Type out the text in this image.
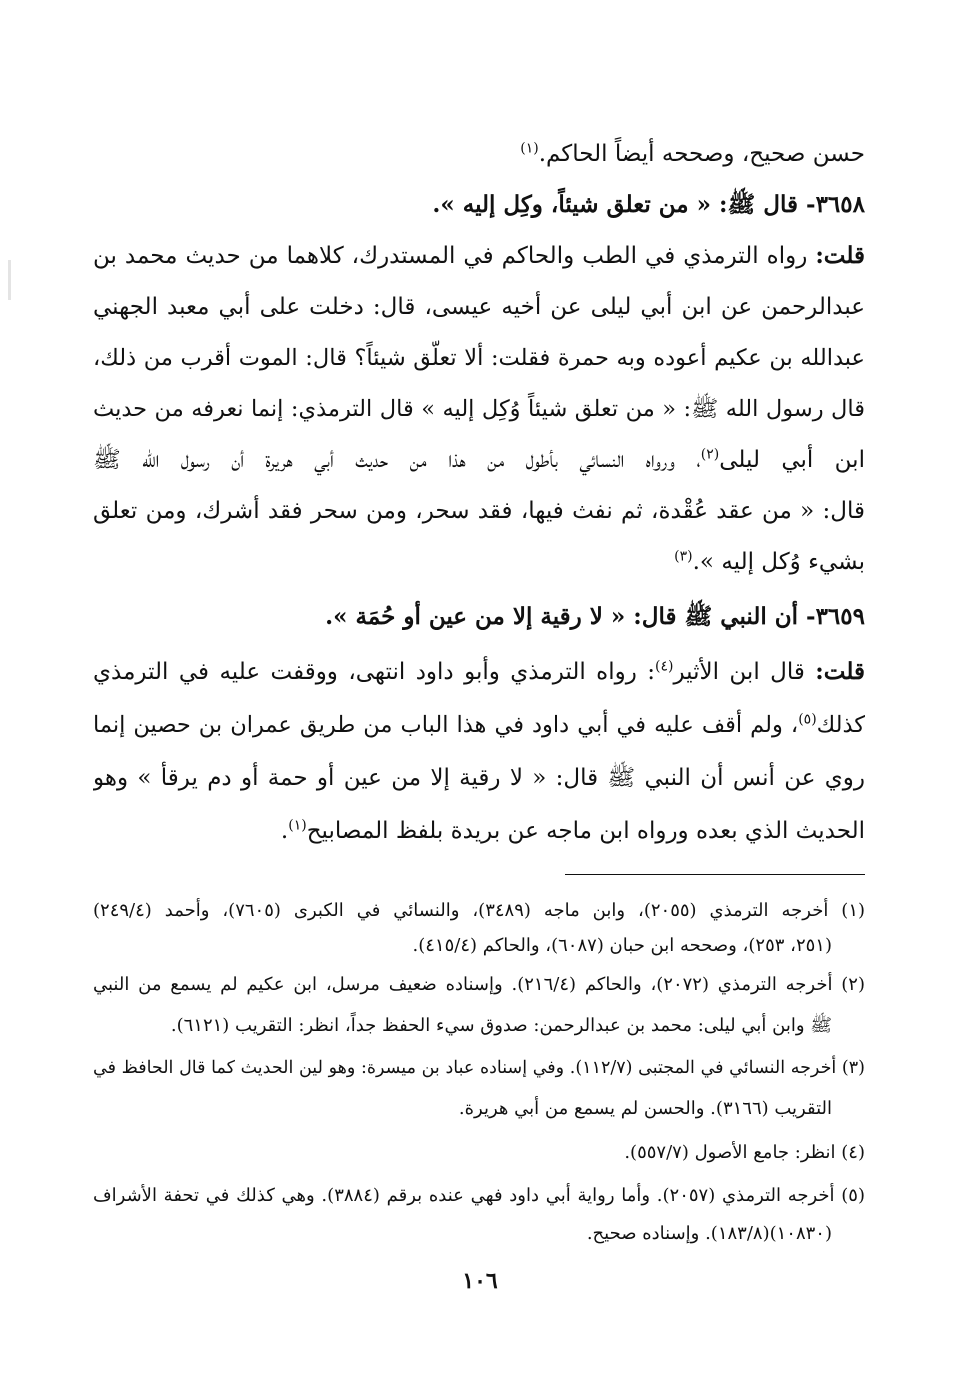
حسن صحيح، وصححه أيضاً الحاكم.$^{(١)}$
٣٦٥٨- قال ﷺ: « من تعلق شيئاً، وكِل إليه ».
قلت: رواه الترمذي في الطب والحاكم في المستدرك، كلاهما من حديث محمد بن
عبدالرحمن عن ابن أبي ليلى عن أخيه عيسى، قال: دخلت على أبي معبد الجهني
عبدالله بن عكيم أعوده وبه حمرة فقلت: ألا تعلّق شيئاً؟ قال: الموت أقرب من ذلك،
قال رسول الله ﷺ: « من تعلق شيئاً وُكِل إليه » قال الترمذي: إنما نعرفه من حديث
ابن أبي ليلى$^{(٢)}$، ورواه النسائي بأطول من هذا من حديث أبي هريرة أن رسول الله ﷺ
قال: « من عقد عُقْدة، ثم نفث فيها، فقد سحر، ومن سحر فقد أشرك، ومن تعلق
بشيء وُكل إليه ».$^{(٣)}$
٣٦٥٩- أن النبي ﷺ قال: « لا رقية إلا من عين أو حُمَة ».
قلت: قال ابن الأثير$^{(٤)}$: رواه الترمذي وأبو داود انتهى، ووقفت عليه في الترمذي
كذلك$^{(٥)}$، ولم أقف عليه في أبي داود في هذا الباب من طريق عمران بن حصين إنما
روي عن أنس أن النبي ﷺ قال: « لا رقية إلا من عين أو حمة أو دم يرقأ » وهو
الحديث الذي بعده ورواه ابن ماجه عن بريدة بلفظ المصابيح$^{(١)}$.
(١) أخرجه الترمذي (٢٠٥٥)، وابن ماجه (٣٤٨٩)، والنسائي في الكبرى (٧٦٠٥)، وأحمد (٢٤٩/٤)
(٢٥١، ٢٥٣)، وصححه ابن حبان (٦٠٨٧)، والحاكم (٤١٥/٤).
(٢) أخرجه الترمذي (٢٠٧٢)، والحاكم (٢١٦/٤). وإسناده ضعيف مرسل، ابن عكيم لم يسمع من النبي
ﷺ وابن أبي ليلى: محمد بن عبدالرحمن: صدوق سيء الحفظ جداً، انظر: التقريب (٦١٢١).
(٣) أخرجه النسائي في المجتبى (١١٢/٧). وفي إسناده عباد بن ميسرة: وهو لين الحديث كما قال الحافظ في
التقريب (٣١٦٦). والحسن لم يسمع من أبي هريرة.
(٤) انظر: جامع الأصول (٥٥٧/٧).
(٥) أخرجه الترمذي (٢٠٥٧). وأما رواية أبي داود فهي عنده برقم (٣٨٨٤). وهي كذلك في تحفة الأشراف
(١٠٨٣٠)(١٨٣/٨). وإسناده صحيح.
١٠٦
